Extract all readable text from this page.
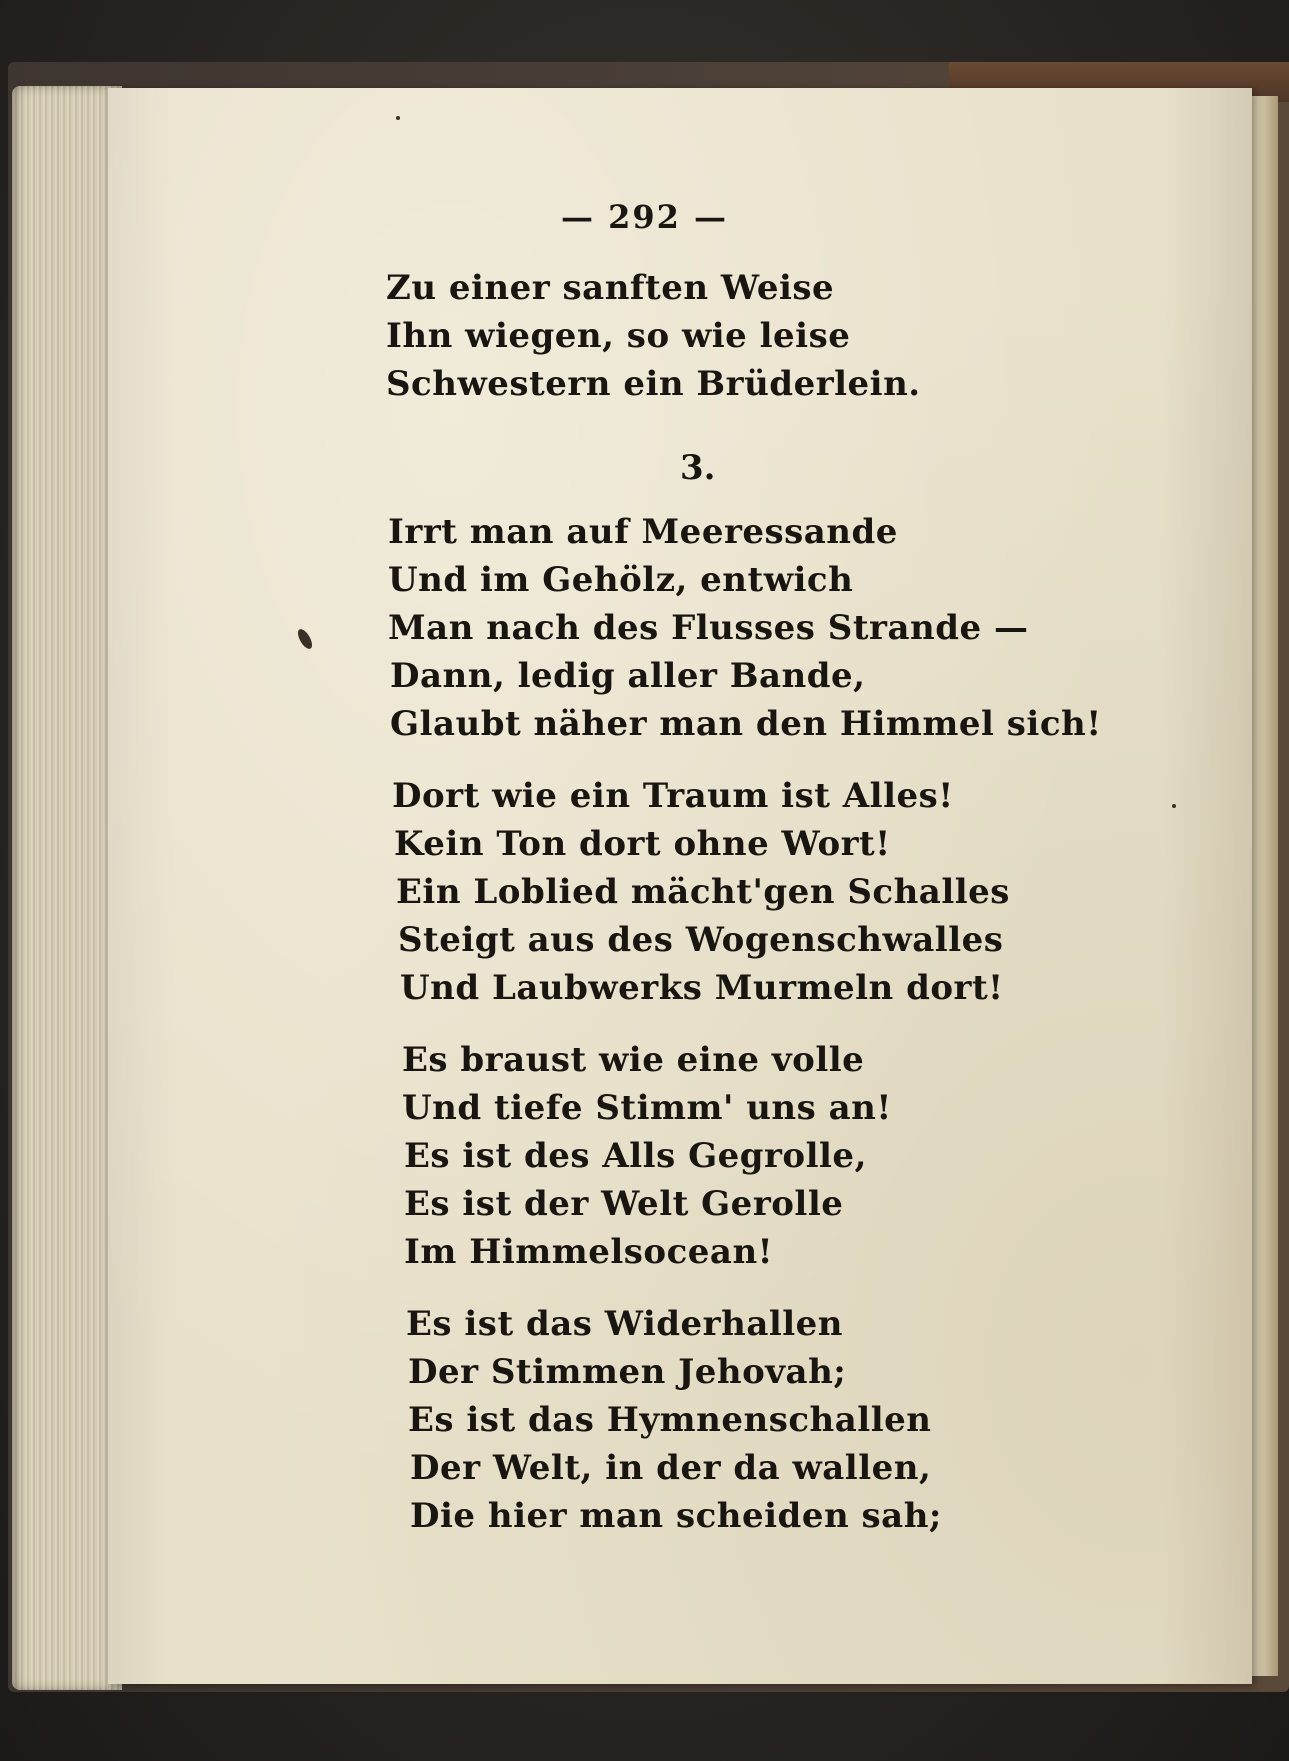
— 292 —
Zu einer sanften Weise
Ihn wiegen, so wie leise
Schwestern ein Brüderlein.
Irrt man auf Meeressande
Und im Gehölz, entwich
Man nach des Flusses Strande —
Dann, ledig aller Bande,
Glaubt näher man den Himmel sich!
Dort wie ein Traum ist Alles!
Kein Ton dort ohne Wort!
Ein Loblied mächt'gen Schalles
Steigt aus des Wogenschwalles
Und Laubwerks Murmeln dort!
Es braust wie eine volle
Und tiefe Stimm' uns an!
Es ist des Alls Gegrolle,
Es ist der Welt Gerolle
Im Himmelsocean!
Es ist das Widerhallen
Der Stimmen Jehovah;
Es ist das Hymnenschallen
Der Welt, in der da wallen,
Die hier man scheiden sah;
3.
